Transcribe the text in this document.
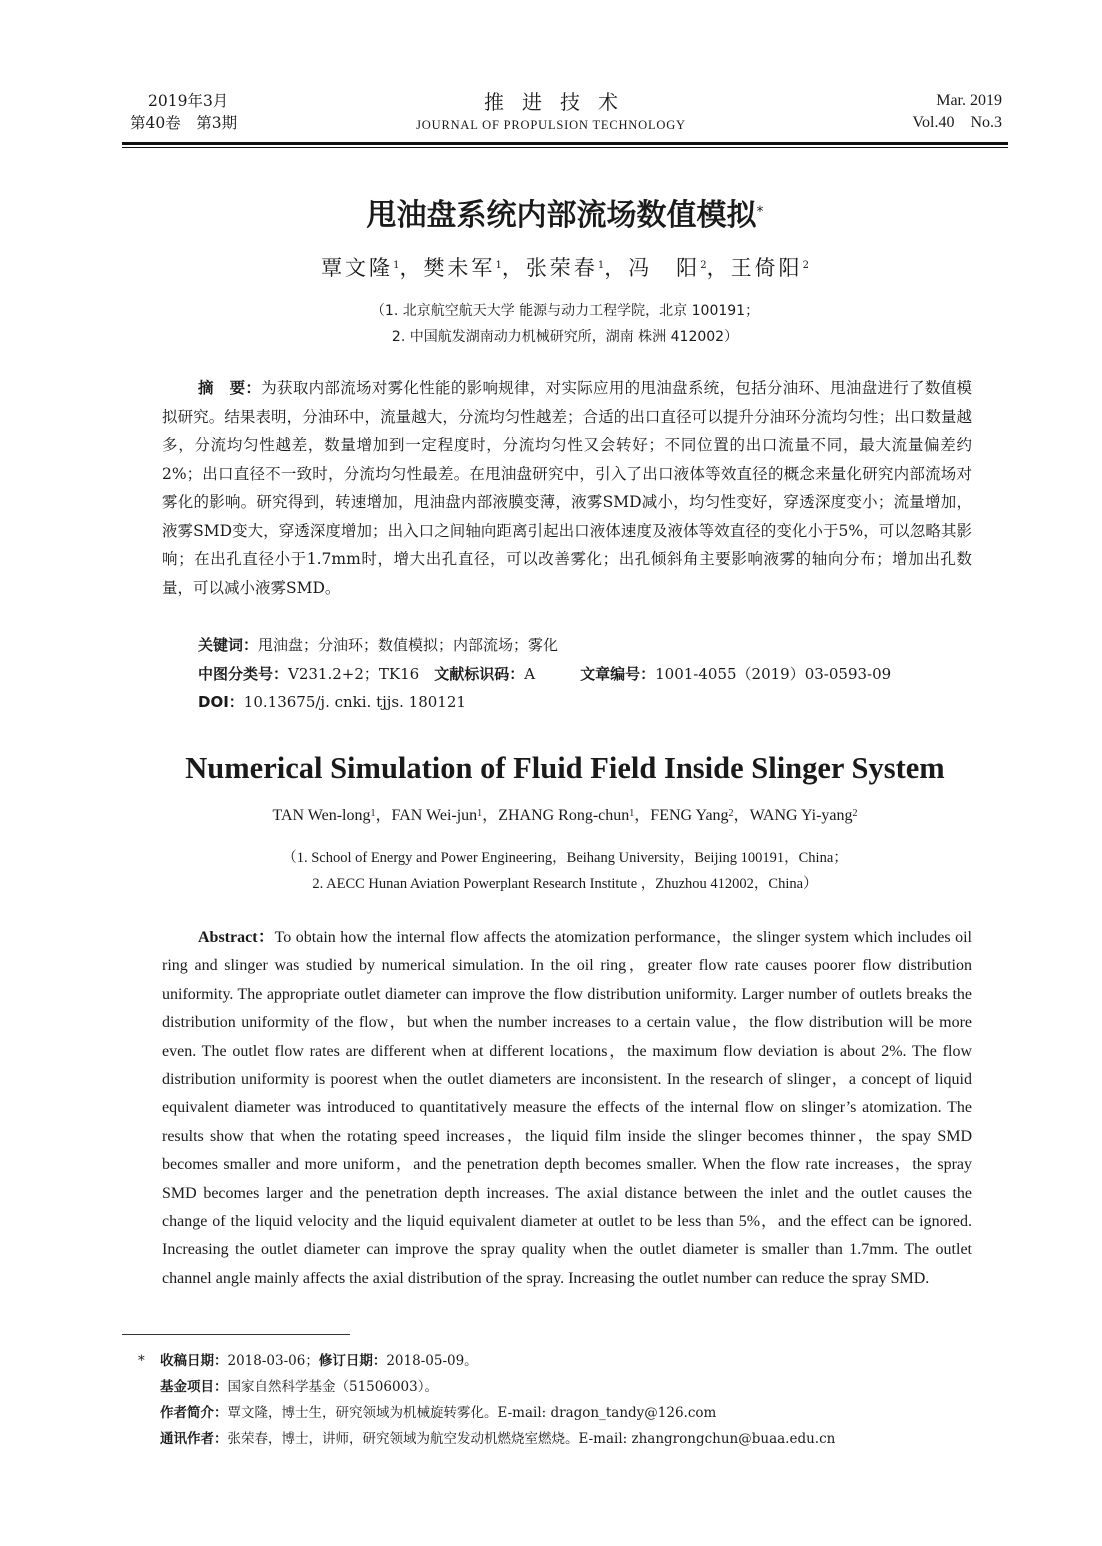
2019年3月
第40卷　第3期
推进技术
JOURNAL OF PROPULSION TECHNOLOGY
Mar. 2019
Vol.40　No.3
甩油盘系统内部流场数值模拟*
覃文隆$^1$，樊未军$^1$，张荣春$^1$，冯　阳$^2$，王倚阳$^2$
（1. 北京航空航天大学 能源与动力工程学院，北京 100191；
2. 中国航发湖南动力机械研究所，湖南 株洲 412002）
摘　要：为获取内部流场对雾化性能的影响规律，对实际应用的甩油盘系统，包括分油环、甩油盘进行了数值模拟研究。结果表明，分油环中，流量越大，分流均匀性越差；合适的出口直径可以提升分油环分流均匀性；出口数量越多，分流均匀性越差，数量增加到一定程度时，分流均匀性又会转好；不同位置的出口流量不同，最大流量偏差约2%；出口直径不一致时，分流均匀性最差。在甩油盘研究中，引入了出口液体等效直径的概念来量化研究内部流场对雾化的影响。研究得到，转速增加，甩油盘内部液膜变薄，液雾SMD减小，均匀性变好，穿透深度变小；流量增加，液雾SMD变大，穿透深度增加；出入口之间轴向距离引起出口液体速度及液体等效直径的变化小于5%，可以忽略其影响；在出孔直径小于1.7mm时，增大出孔直径，可以改善雾化；出孔倾斜角主要影响液雾的轴向分布；增加出孔数量，可以减小液雾SMD。
关键词：甩油盘；分油环；数值模拟；内部流场；雾化
中图分类号：V231.2+2；TK16　 文献标识码：A　　　	文章编号：1001-4055（2019）03-0593-09
DOI：10.13675/j. cnki. tjjs. 180121
Numerical Simulation of Fluid Field Inside Slinger System
TAN Wen-long$^1$，FAN Wei-jun$^1$，ZHANG Rong-chun$^1$，FENG Yang$^2$，WANG Yi-yang$^2$
（1. School of Energy and Power Engineering，Beihang University，Beijing 100191，China；
2. AECC Hunan Aviation Powerplant Research Institute ，Zhuzhou 412002，China）
Abstract：To obtain how the internal flow affects the atomization performance，the slinger system which includes oil ring and slinger was studied by numerical simulation. In the oil ring，greater flow rate causes poorer flow distribution uniformity. The appropriate outlet diameter can improve the flow distribution uniformity. Larger number of outlets breaks the distribution uniformity of the flow，but when the number increases to a certain value，the flow distribution will be more even. The outlet flow rates are different when at different locations，the maximum flow deviation is about 2%. The flow distribution uniformity is poorest when the outlet diameters are inconsistent. In the research of slinger，a concept of liquid equivalent diameter was introduced to quantitatively measure the effects of the internal flow on slinger’s atomization. The results show that when the rotating speed increases，the liquid film inside the slinger becomes thinner，the spay SMD becomes smaller and more uniform，and the penetration depth becomes smaller. When the flow rate increases，the spray SMD becomes larger and the penetration depth increases. The axial distance between the inlet and the outlet causes the change of the liquid velocity and the liquid equivalent diameter at outlet to be less than 5%，and the effect can be ignored. Increasing the outlet diameter can improve the spray quality when the outlet diameter is smaller than 1.7mm. The outlet channel angle mainly affects the axial distribution of the spray. Increasing the outlet number can reduce the spray SMD.
* 收稿日期：2018-03-06；修订日期：2018-05-09。
基金项目：国家自然科学基金（51506003）。
作者简介：覃文隆，博士生，研究领域为机械旋转雾化。E-mail: dragon_tandy@126.com
通讯作者：张荣春，博士，讲师，研究领域为航空发动机燃烧室燃烧。E-mail: zhangrongchun@buaa.edu.cn
